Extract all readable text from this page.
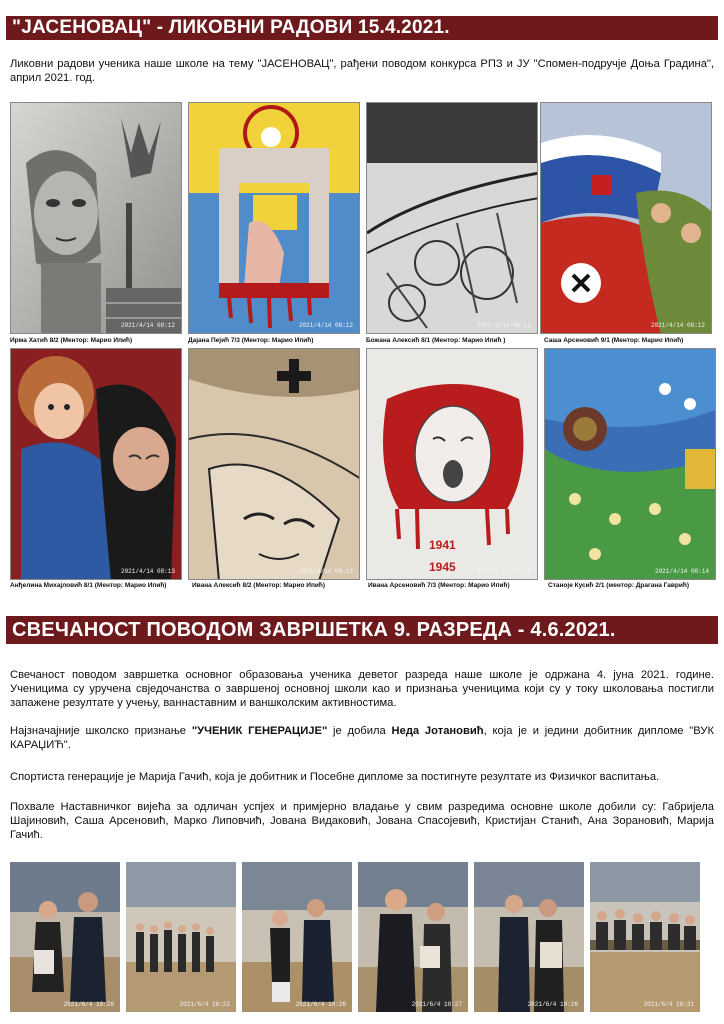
"ЈАСЕНОВАЦ" - ЛИКОВНИ РАДОВИ 15.4.2021.

Ликовни радови ученика наше школе на тему "ЈАСЕНОВАЦ", рађени поводом конкурса РПЗ и ЈУ "Спомен-подручје Доња Градина", април 2021. год.

2021/4/14 08:12	2021/4/14 08:12	2021/4/14 08:12	2021/4/14 08:12
Ирма Хатић 8/2 (Ментор: Марио Ипић)	Дајана Пејић 7/3 (Ментор: Марио Ипић)	Божана Алексић 8/1 (Ментор: Марио Ипић )	Саша Арсеновић 9/1 (Ментор: Марио Ипић)
2021/4/14 08:13	2021/4/14 08:13
1941
1945	2021/4/14 08:13	2021/4/14 08:14
Анђелина Михајловић 8/1 (Ментор: Марио Ипић)	Ивана Алексић 8/2 (Ментор: Марио Ипић)	Ивана Арсеновић 7/3 (Ментор: Марио Ипић)	Станоје Кусић 2/1 (ментор: Драгана Гаврић)
СВЕЧАНОСТ ПОВОДОМ ЗАВРШЕТКА 9. РАЗРЕДА - 4.6.2021.

Свечаност поводом завршетка основног образовања ученика деветог разреда наше школе је одржана 4. јуна 2021. године. Ученицима су уручена свједочанства о завршеној основној школи као и признања ученицима који су у току школовања постигли запажене резултате у учењу, ваннаставним и ваншколским активностима.

Најзначајније школско признање "УЧЕНИК ГЕНЕРАЦИЈЕ" је добила Неда Јотановић, која је и једини добитник дипломе "ВУК КАРАЏИЋ".

Спортиста генерације је Марија Гачић, која је добитник и Посебне дипломе за постигнуте резултате из Физичког васпитања.

Похвале Наставничког вијећа за одличан успјех и примјерно владање у свим разредима основне школе добили су: Габријела Шајиновић, Саша Арсеновић, Марко Липовчић, Јована Видаковић, Јована Спасојевић, Кристијан Станић, Ана Зорановић, Марија Гачић.

2021/6/4 10:26	2021/6/4 10:22	2021/6/4 10:26	2021/6/4 10:27	2021/6/4 10:26	2021/6/4 10:31
